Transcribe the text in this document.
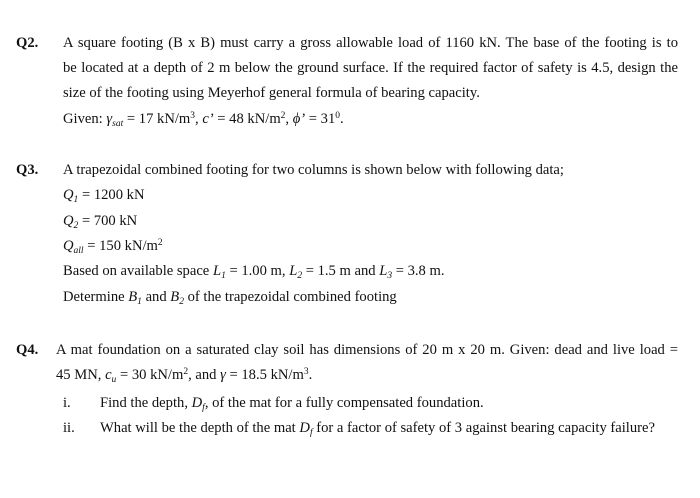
Q2. A square footing (B x B) must carry a gross allowable load of 1160 kN. The base of the footing is to
be located at a depth of 2 m below the ground surface. If the required factor of safety is 4.5, design the
size of the footing using Meyerhof general formula of bearing capacity.
Given: $\gamma_{sat} = 17$ $kN/m^3$, c’ = 48 $kN/m^2$, ϕ’ = $31^0$.
Q3. A trapezoidal combined footing for two columns is shown below with following data;
$Q_1 = 1200$ kN
$Q_2 = 700$ kN
$Q_{all} = 150$ $kN/m^2$
Based on available space $L_1 = 1.00$ m, $L_2 = 1.5$ m and $L_3 = 3.8$ m.
Determine $B_1$ and $B_2$ of the trapezoidal combined footing
Q4. A mat foundation on a saturated clay soil has dimensions of 20 m x 20 m. Given: dead and live load =
45 MN, $c_u = 30$ $kN/m^2$, and γ = 18.5 $kN/m^3$.
i. Find the depth, $D_f$, of the mat for a fully compensated foundation.
ii. What will be the depth of the mat $D_f$ for a factor of safety of 3 against bearing capacity failure?
